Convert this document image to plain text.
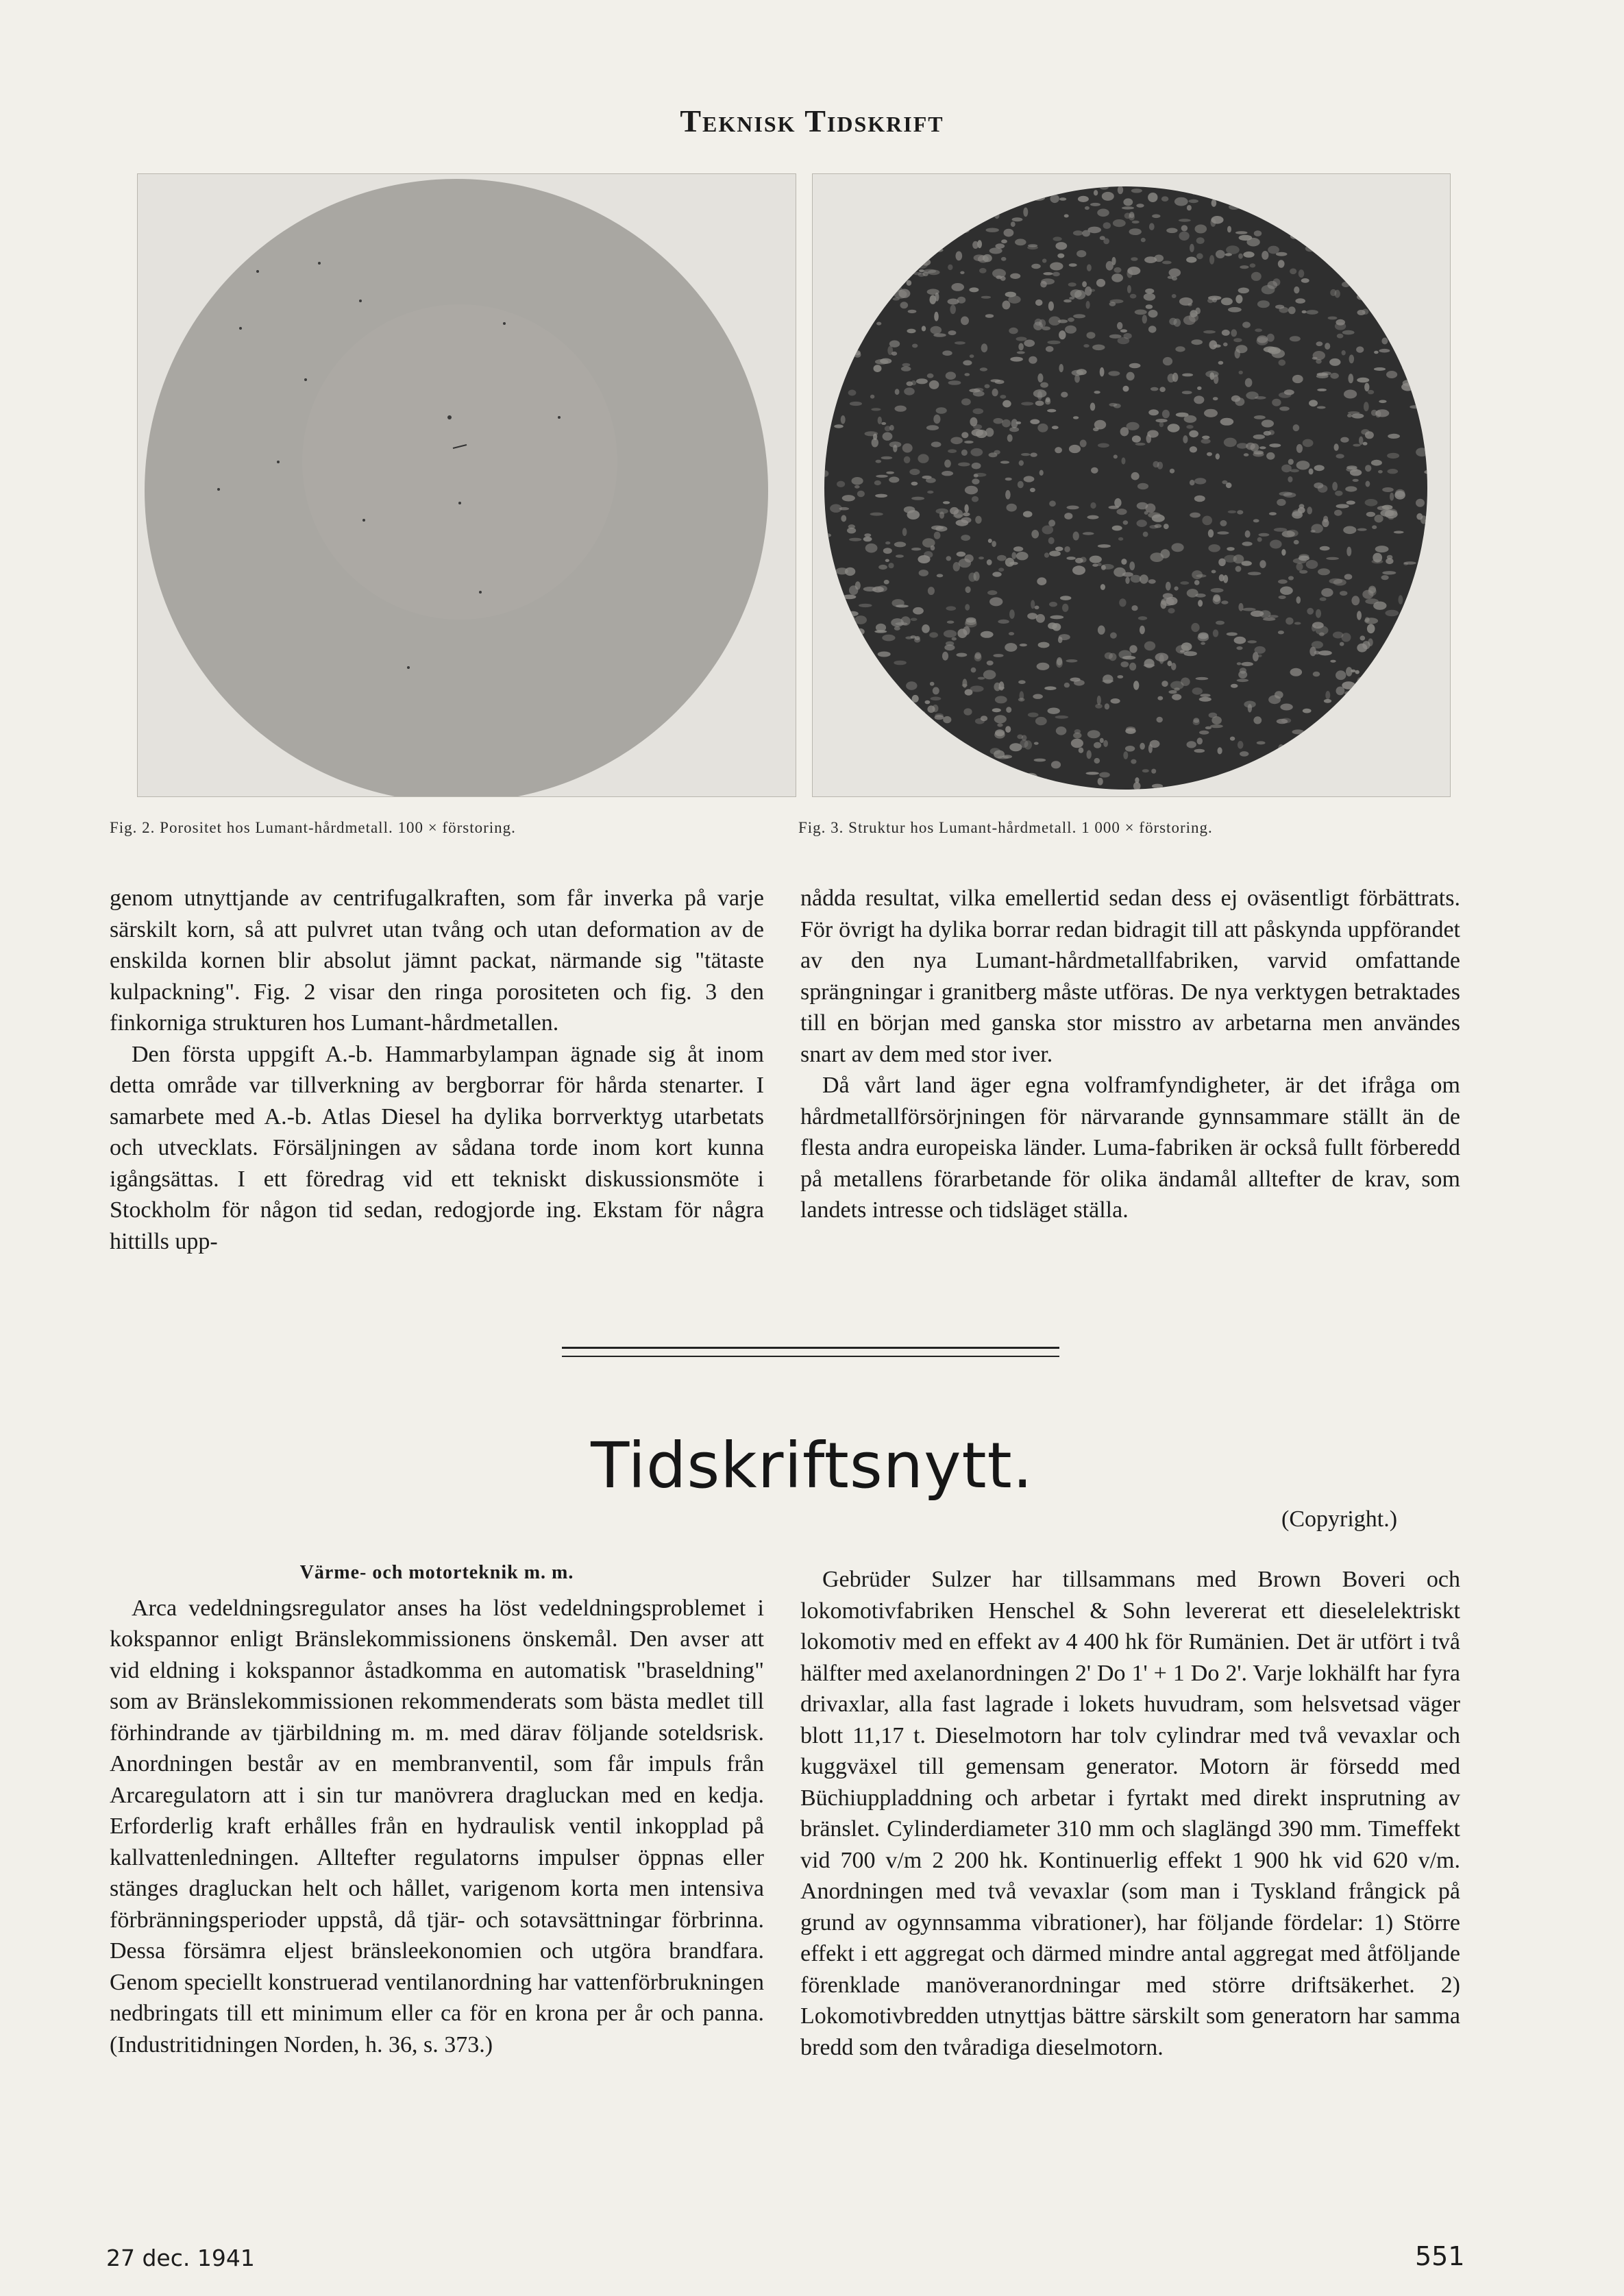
Teknisk Tidskrift
Fig. 2. Porositet hos Lumant-hårdmetall. 100 × förstoring.	Fig. 3. Struktur hos Lumant-hårdmetall. 1 000 × förstoring.

genom utnyttjande av centrifugalkraften, som får inverka på varje särskilt korn, så att pulvret utan tvång och utan deformation av de enskilda kornen blir absolut jämnt packat, närmande sig "tätaste kulpackning". Fig. 2 visar den ringa porositeten och fig. 3 den finkorniga strukturen hos Lumant-hårdmetallen.

Den första uppgift A.-b. Hammarbylampan ägnade sig åt inom detta område var tillverkning av bergborrar för hårda stenarter. I samarbete med A.-b. Atlas Diesel ha dylika borrverktyg utarbetats och utvecklats. Försäljningen av sådana torde inom kort kunna igångsättas. I ett föredrag vid ett tekniskt diskussionsmöte i Stockholm för någon tid sedan, redogjorde ing. Ekstam för några hittills upp-

nådda resultat, vilka emellertid sedan dess ej oväsentligt förbättrats. För övrigt ha dylika borrar redan bidragit till att påskynda uppförandet av den nya Lumant-hårdmetallfabriken, varvid omfattande sprängningar i granitberg måste utföras. De nya verktygen betraktades till en början med ganska stor misstro av arbetarna men användes snart av dem med stor iver.

Då vårt land äger egna volframfyndigheter, är det ifråga om hårdmetallförsörjningen för närvarande gynnsammare ställt än de flesta andra europeiska länder. Luma-fabriken är också fullt förberedd på metallens förarbetande för olika ändamål alltefter de krav, som landets intresse och tidsläget ställa.

Tidskriftsnytt.
(Copyright.)

Värme- och motorteknik m. m.

Arca vedeldningsregulator anses ha löst vedeldningsproblemet i kokspannor enligt Bränslekommissionens önskemål. Den avser att vid eldning i kokspannor åstadkomma en automatisk "braseldning" som av Bränslekommissionen rekommenderats som bästa medlet till förhindrande av tjärbildning m. m. med därav följande soteldsrisk. Anordningen består av en membranventil, som får impuls från Arcaregulatorn att i sin tur manövrera dragluckan med en kedja. Erforderlig kraft erhålles från en hydraulisk ventil inkopplad på kallvattenledningen. Alltefter regulatorns impulser öppnas eller stänges dragluckan helt och hållet, varigenom korta men intensiva förbränningsperioder uppstå, då tjär- och sotavsättningar förbrinna. Dessa försämra eljest bränsleekonomien och utgöra brandfara. Genom speciellt konstruerad ventilanordning har vattenförbrukningen nedbringats till ett minimum eller ca för en krona per år och panna. (Industritidningen Norden, h. 36, s. 373.)

Gebrüder Sulzer har tillsammans med Brown Boveri och lokomotivfabriken Henschel & Sohn levererat ett dieselelektriskt lokomotiv med en effekt av 4 400 hk för Rumänien. Det är utfört i två hälfter med axelanordningen 2' Do 1' + 1 Do 2'. Varje lokhälft har fyra drivaxlar, alla fast lagrade i lokets huvudram, som helsvetsad väger blott 11,17 t. Dieselmotorn har tolv cylindrar med två vevaxlar och kuggväxel till gemensam generator. Motorn är försedd med Büchiuppladdning och arbetar i fyrtakt med direkt insprutning av bränslet. Cylinderdiameter 310 mm och slaglängd 390 mm. Timeffekt vid 700 v/m 2 200 hk. Kontinuerlig effekt 1 900 hk vid 620 v/m. Anordningen med två vevaxlar (som man i Tyskland frångick på grund av ogynnsamma vibrationer), har följande fördelar: 1) Större effekt i ett aggregat och därmed mindre antal aggregat med åtföljande förenklade manöveranordningar med större driftsäkerhet. 2) Lokomotivbredden utnyttjas bättre särskilt som generatorn har samma bredd som den tvåradiga dieselmotorn.

27 dec. 1941	551
